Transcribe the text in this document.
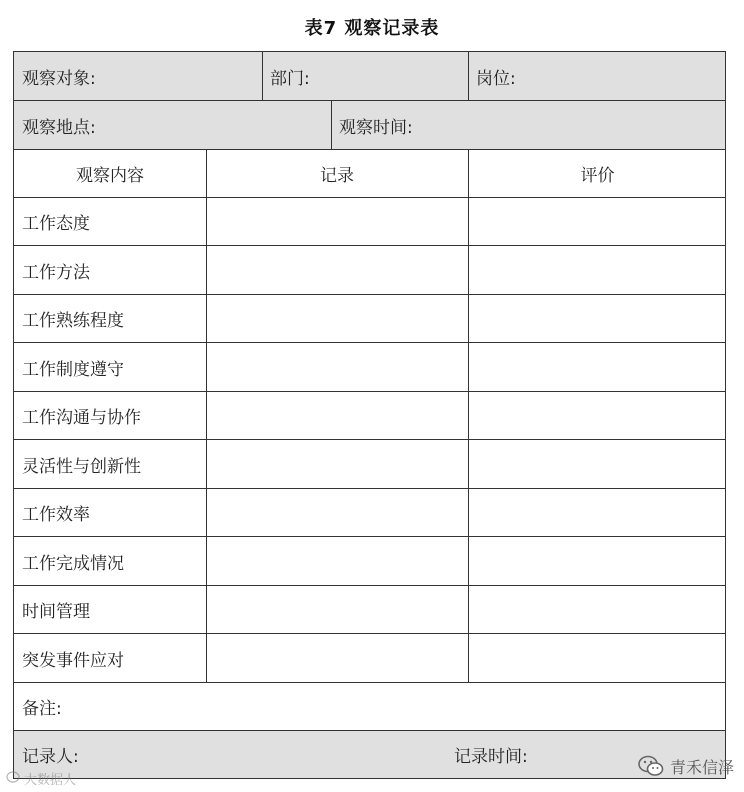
表7 观察记录表
观察对象:	部门:	岗位:
观察地点:	观察时间:
观察内容	记录	评价
工作态度
工作方法
工作熟练程度
工作制度遵守
工作沟通与协作
灵活性与创新性
工作效率
工作完成情况
时间管理
突发事件应对
备注:
记录人:	记录时间:	青禾信泽
大数据人
